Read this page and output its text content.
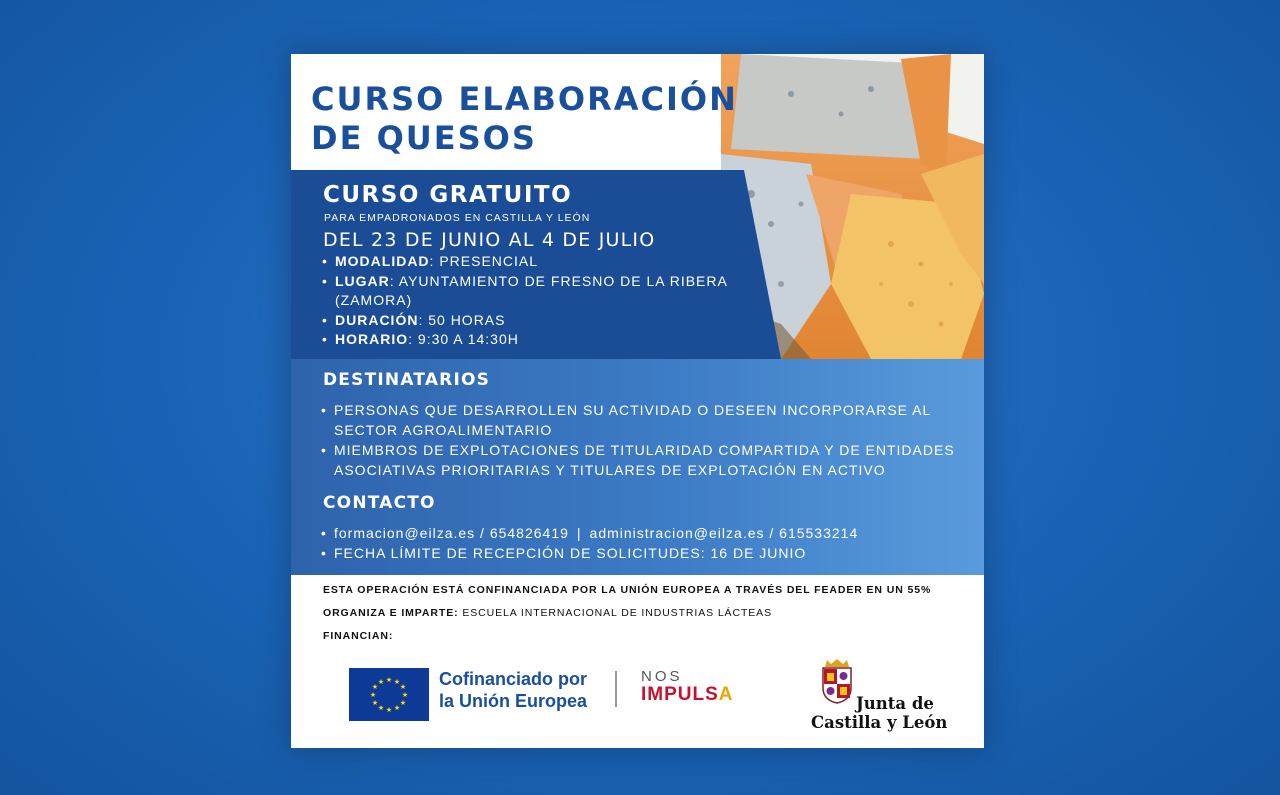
CURSO ELABORACIÓN
DE QUESOS
CURSO GRATUITO
PARA EMPADRONADOS EN CASTILLA Y LEÓN
DEL 23 DE JUNIO AL 4 DE JULIO
• MODALIDAD: PRESENCIAL
• LUGAR: AYUNTAMIENTO DE FRESNO DE LA RIBERA (ZAMORA)
• DURACIÓN: 50 HORAS
• HORARIO: 9:30 A 14:30H
DESTINATARIOS
• PERSONAS QUE DESARROLLEN SU ACTIVIDAD O DESEEN INCORPORARSE AL SECTOR AGROALIMENTARIO
• MIEMBROS DE EXPLOTACIONES DE TITULARIDAD COMPARTIDA Y DE ENTIDADES ASOCIATIVAS PRIORITARIAS Y TITULARES DE EXPLOTACIÓN EN ACTIVO
CONTACTO
• formacion@eilza.es / 654826419 | administracion@eilza.es / 615533214
• FECHA LÍMITE DE RECEPCIÓN DE SOLICITUDES: 16 DE JUNIO
ESTA OPERACIÓN ESTÁ CONFINANCIADA POR LA UNIÓN EUROPEA A TRAVÉS DEL FEADER EN UN 55%
ORGANIZA E IMPARTE: ESCUELA INTERNACIONAL DE INDUSTRIAS LÁCTEAS
FINANCIAN:
★ ★
★
★
★
★
★
★
★
★
★
★	Cofinanciado por
la Unión Europea
NOS
IMPULSA	Junta de
Castilla y León
